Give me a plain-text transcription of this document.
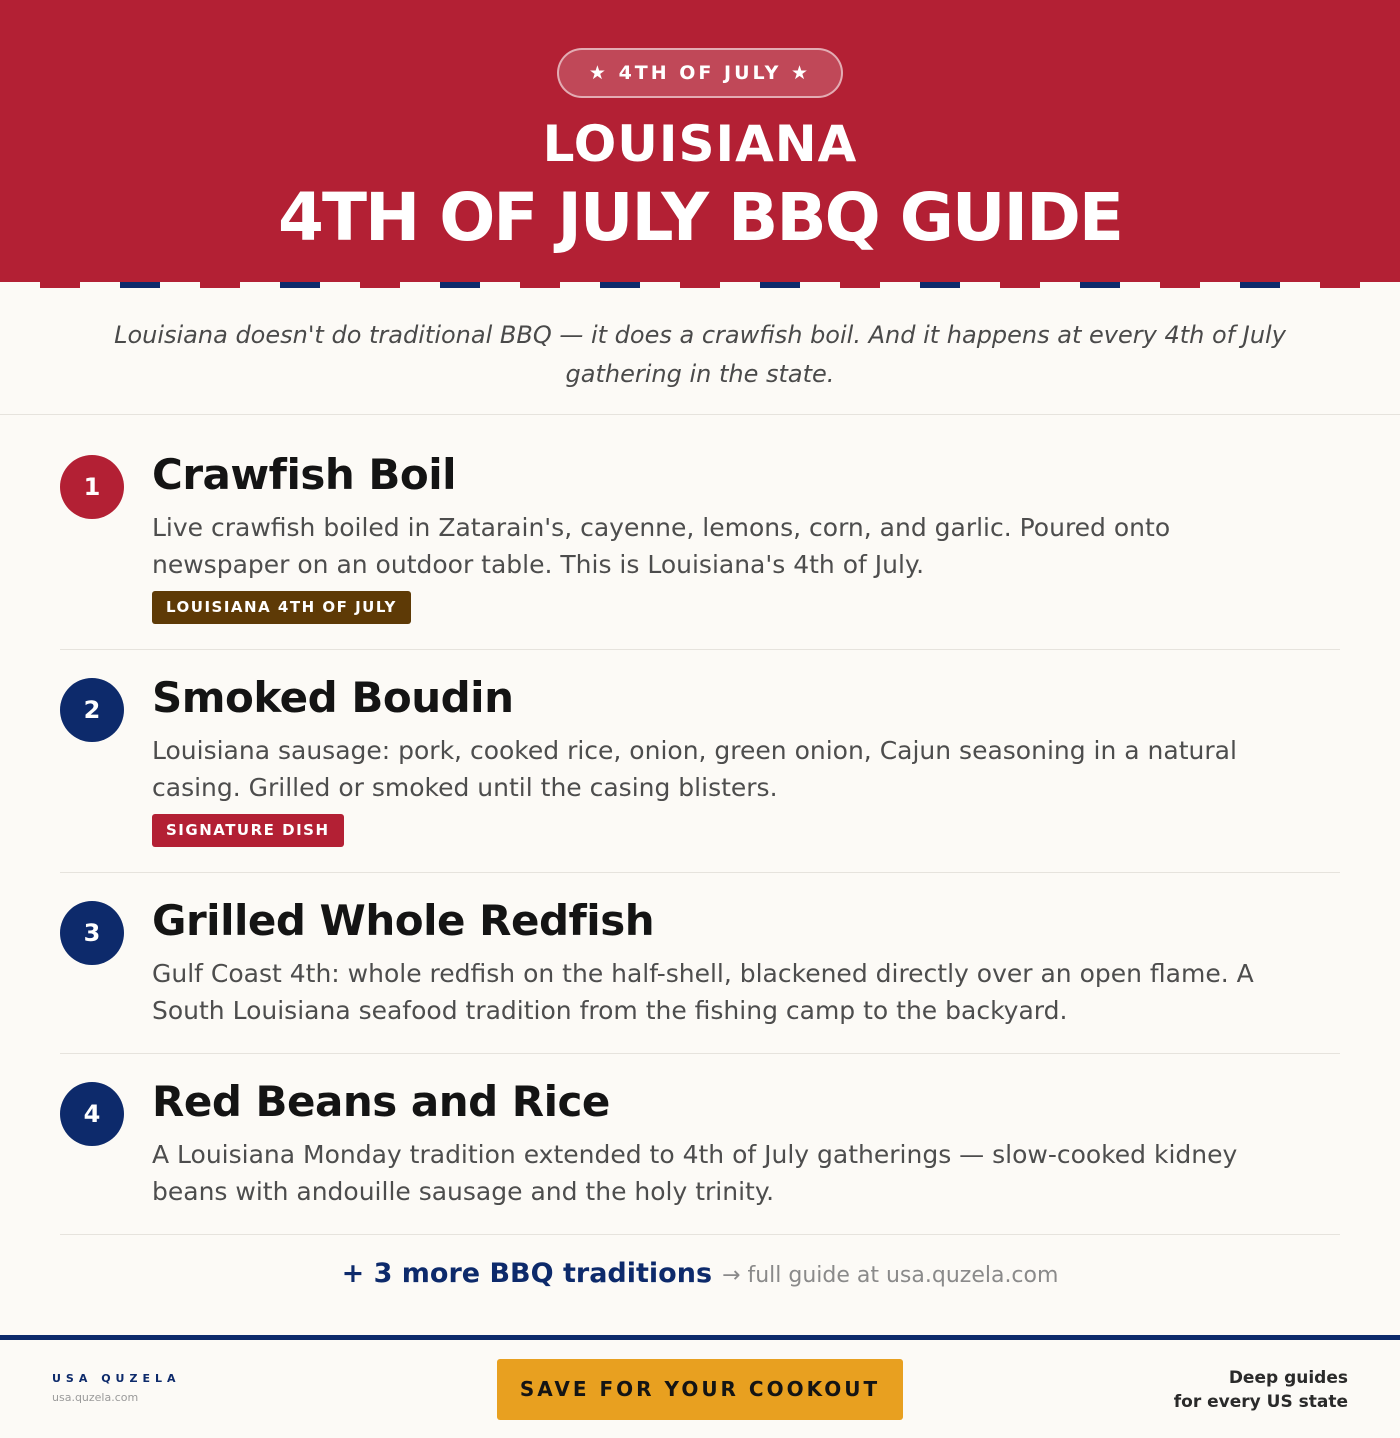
★ 4TH OF JULY ★
LOUISIANA
4TH OF JULY BBQ GUIDE

Louisiana doesn't do traditional BBQ — it does a crawfish boil. And it happens at every 4th of July gathering in the state.

1	Crawfish Boil

Live crawfish boiled in Zatarain's, cayenne, lemons, corn, and garlic. Poured onto newspaper on an outdoor table. This is Louisiana's 4th of July.

LOUISIANA 4TH OF JULY
2	Smoked Boudin

Louisiana sausage: pork, cooked rice, onion, green onion, Cajun seasoning in a natural casing. Grilled or smoked until the casing blisters.

SIGNATURE DISH
3	Grilled Whole Redfish

Gulf Coast 4th: whole redfish on the half-shell, blackened directly over an open flame. A South Louisiana seafood tradition from the fishing camp to the backyard.

4	Red Beans and Rice

A Louisiana Monday tradition extended to 4th of July gatherings — slow-cooked kidney beans with andouille sausage and the holy trinity.

+ 3 more BBQ traditions → full guide at usa.quzela.com
USA QUZELA
usa.quzela.com	SAVE FOR YOUR COOKOUT	Deep guides
for every US state
